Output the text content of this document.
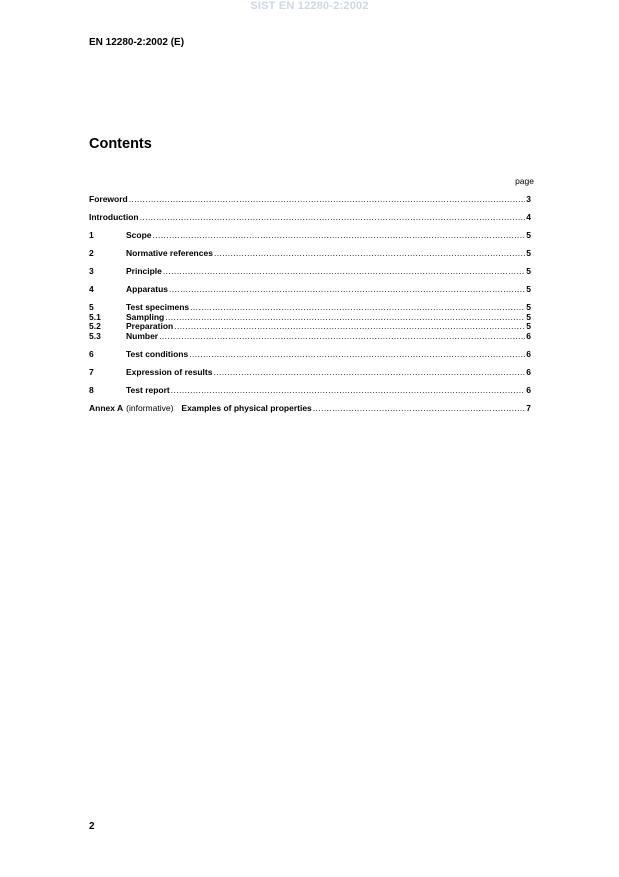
SIST EN 12280-2:2002
EN 12280-2:2002 (E)
Contents
page
Foreword .....	3
Introduction .....	4
1	Scope .....	5
2	Normative references .....	5
3	Principle .....	5
4	Apparatus .....	5
5	Test specimens .....	5
5.1	Sampling .....	5
5.2	Preparation .....	5
5.3	Number .....	6
6	Test conditions .....	6
7	Expression of results .....	6
8	Test report .....	6
Annex A (informative) Examples of physical properties .....	7
2
